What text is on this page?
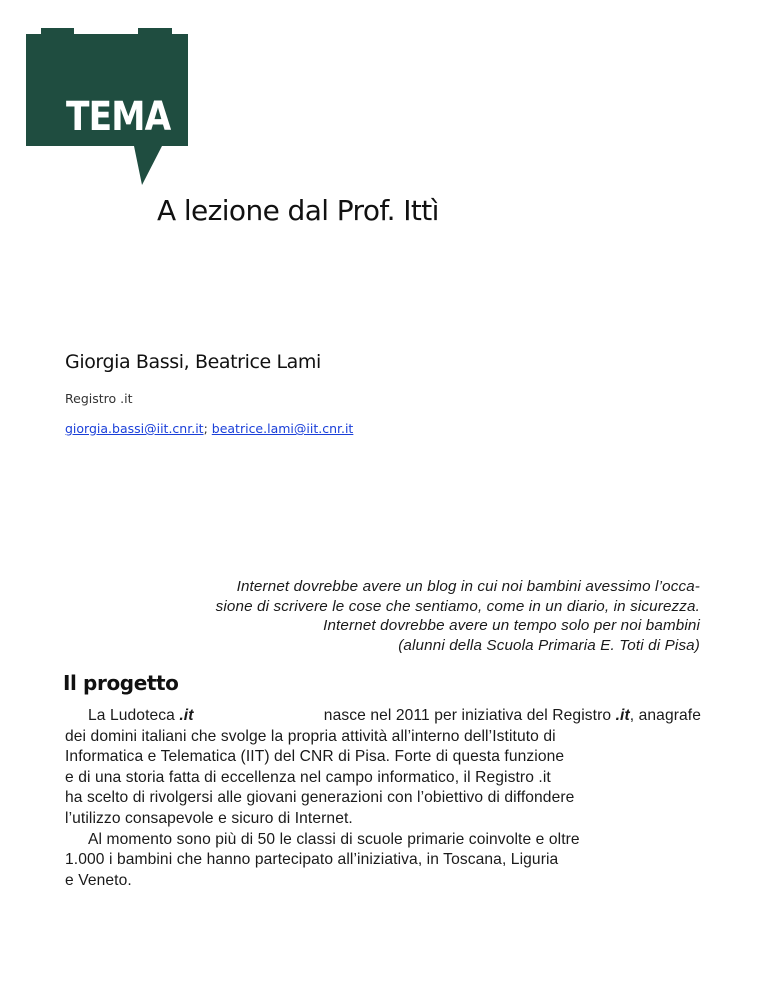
TEMA
A lezione dal Prof. Ittì
Giorgia Bassi, Beatrice Lami
Registro .it
giorgia.bassi@iit.cnr.it; beatrice.lami@iit.cnr.it
Internet dovrebbe avere un blog in cui noi bambini avessimo l’occa-
sione di scrivere le cose che sentiamo, come in un diario, in sicurezza.
Internet dovrebbe avere un tempo solo per noi bambini
(alunni della Scuola Primaria E. Toti di Pisa)
Il progetto
La Ludoteca .it	nasce nel 2011 per iniziativa del Registro .it, anagrafe
dei domini italiani che svolge la propria attività all’interno dell’Istituto di
Informatica e Telematica (IIT) del CNR di Pisa. Forte di questa funzione
e di una storia fatta di eccellenza nel campo informatico, il Registro .it
ha scelto di rivolgersi alle giovani generazioni con l’obiettivo di diffondere
l’utilizzo consapevole e sicuro di Internet.
Al momento sono più di 50 le classi di scuole primarie coinvolte e oltre
1.000 i bambini che hanno partecipato all’iniziativa, in Toscana, Liguria
e Veneto.
